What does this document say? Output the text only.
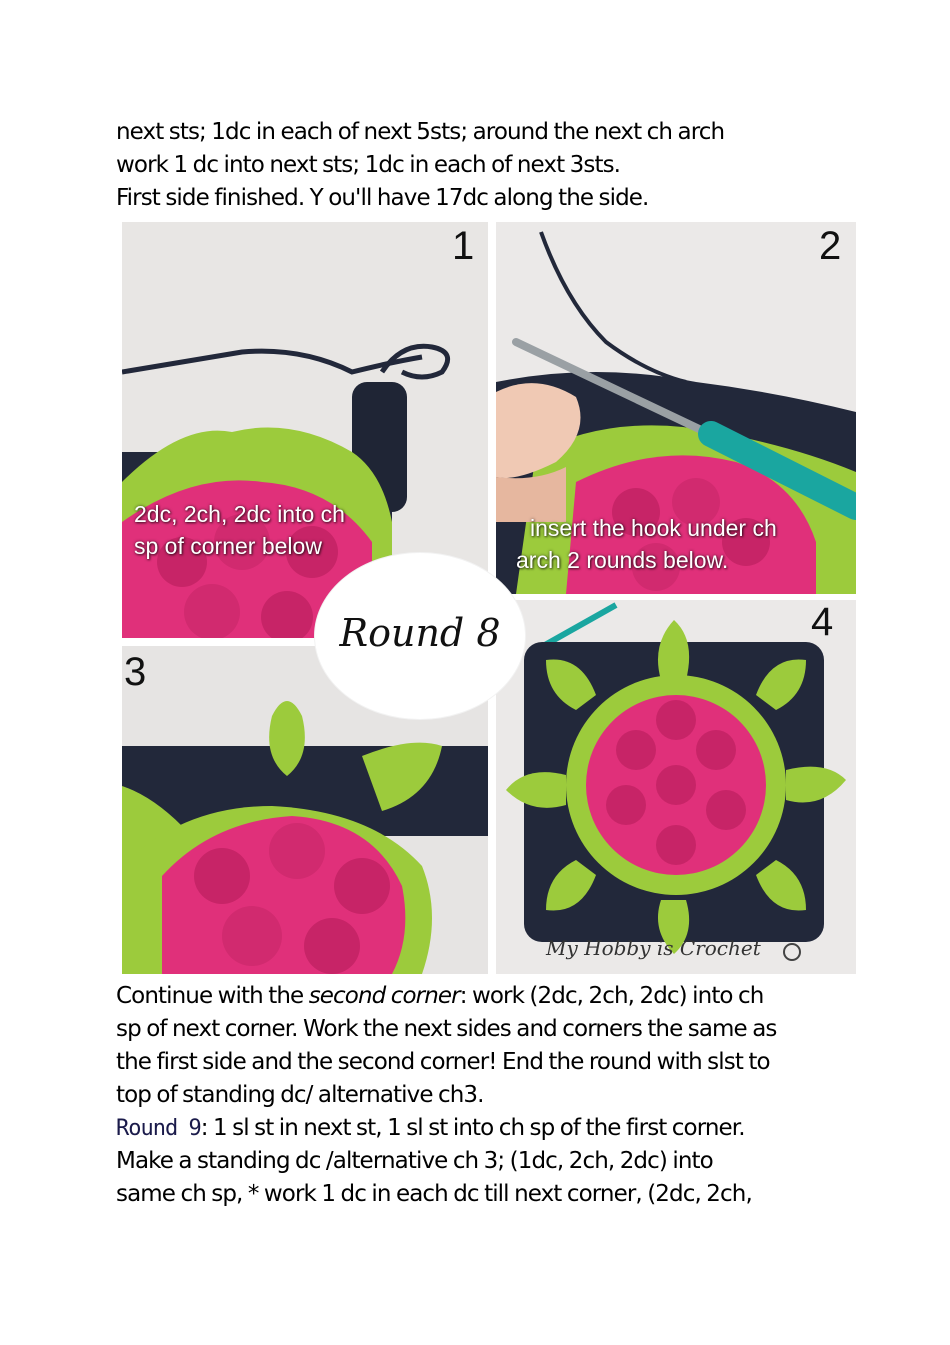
next sts; 1dc in each of next 5sts; around the next ch arch

work 1 dc into next sts; 1dc in each of next 3sts.

First side finished. Y ou'll have 17dc along the side.

1
2dc, 2ch, 2dc into ch
sp of corner below
2
insert the hook under ch
arch 2 rounds below.
3
4
My Hobby is Crochet
Round 8

Continue with the second corner: work (2dc, 2ch, 2dc) into ch

sp of next corner. Work the next sides and corners the same as

the first side and the second corner! End the round with slst to

top of standing dc/ alternative ch3.

Round 9: 1 sl st in next st, 1 sl st into ch sp of the first corner.

Make a standing dc /alternative ch 3; (1dc, 2ch, 2dc) into

same ch sp, * work 1 dc in each dc till next corner, (2dc, 2ch,
